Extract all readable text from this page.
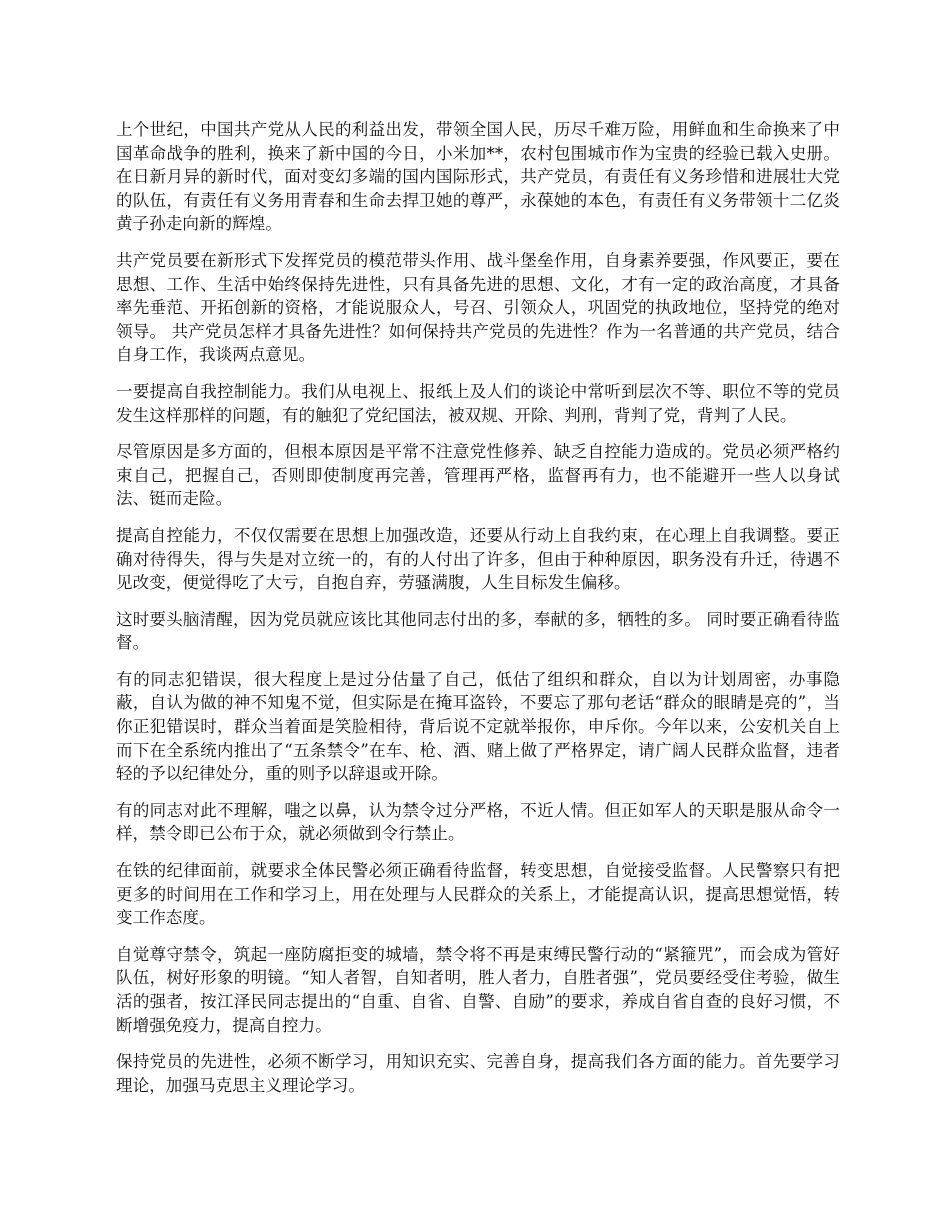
上个世纪，中国共产党从人民的利益出发，带领全国人民，历尽千难万险，用鲜血和生命换来了中国革命战争的胜利，换来了新中国的今日，小米加**，农村包围城市作为宝贵的经验已载入史册。在日新月异的新时代，面对变幻多端的国内国际形式，共产党员，有责任有义务珍惜和进展壮大党的队伍，有责任有义务用青春和生命去捍卫她的尊严，永葆她的本色，有责任有义务带领十二亿炎黄子孙走向新的辉煌。

共产党员要在新形式下发挥党员的模范带头作用、战斗堡垒作用，自身素养要强，作风要正，要在思想、工作、生活中始终保持先进性，只有具备先进的思想、文化，才有一定的政治高度，才具备率先垂范、开拓创新的资格，才能说服众人，号召、引领众人，巩固党的执政地位，坚持党的绝对领导。 共产党员怎样才具备先进性？如何保持共产党员的先进性？作为一名普通的共产党员，结合自身工作，我谈两点意见。

一要提高自我控制能力。我们从电视上、报纸上及人们的谈论中常听到层次不等、职位不等的党员发生这样那样的问题，有的触犯了党纪国法，被双规、开除、判刑，背判了党，背判了人民。

尽管原因是多方面的，但根本原因是平常不注意党性修养、缺乏自控能力造成的。党员必须严格约束自己，把握自己，否则即使制度再完善，管理再严格，监督再有力，也不能避开一些人以身试法、铤而走险。

提高自控能力，不仅仅需要在思想上加强改造，还要从行动上自我约束，在心理上自我调整。要正确对待得失，得与失是对立统一的，有的人付出了许多，但由于种种原因，职务没有升迁，待遇不见改变，便觉得吃了大亏，自抱自弃，劳骚满腹，人生目标发生偏移。

这时要头脑清醒，因为党员就应该比其他同志付出的多，奉献的多，牺牲的多。 同时要正确看待监督。

有的同志犯错误，很大程度上是过分估量了自己，低估了组织和群众，自以为计划周密，办事隐蔽，自认为做的神不知鬼不觉，但实际是在掩耳盗铃，不要忘了那句老话“群众的眼睛是亮的”，当你正犯错误时，群众当着面是笑脸相待，背后说不定就举报你，申斥你。今年以来，公安机关自上而下在全系统内推出了“五条禁令”在车、枪、酒、赌上做了严格界定，请广阔人民群众监督，违者轻的予以纪律处分，重的则予以辞退或开除。

有的同志对此不理解，嗤之以鼻，认为禁令过分严格，不近人情。但正如军人的天职是服从命令一样，禁令即已公布于众，就必须做到令行禁止。

在铁的纪律面前，就要求全体民警必须正确看待监督，转变思想，自觉接受监督。人民警察只有把更多的时间用在工作和学习上，用在处理与人民群众的关系上，才能提高认识，提高思想觉悟，转变工作态度。

自觉尊守禁令，筑起一座防腐拒变的城墙，禁令将不再是束缚民警行动的“紧箍咒”，而会成为管好队伍，树好形象的明镜。“知人者智，自知者明，胜人者力，自胜者强”，党员要经受住考验，做生活的强者，按江泽民同志提出的“自重、自省、自警、自励”的要求，养成自省自查的良好习惯，不断增强免疫力，提高自控力。

保持党员的先进性，必须不断学习，用知识充实、完善自身，提高我们各方面的能力。首先要学习理论，加强马克思主义理论学习。
